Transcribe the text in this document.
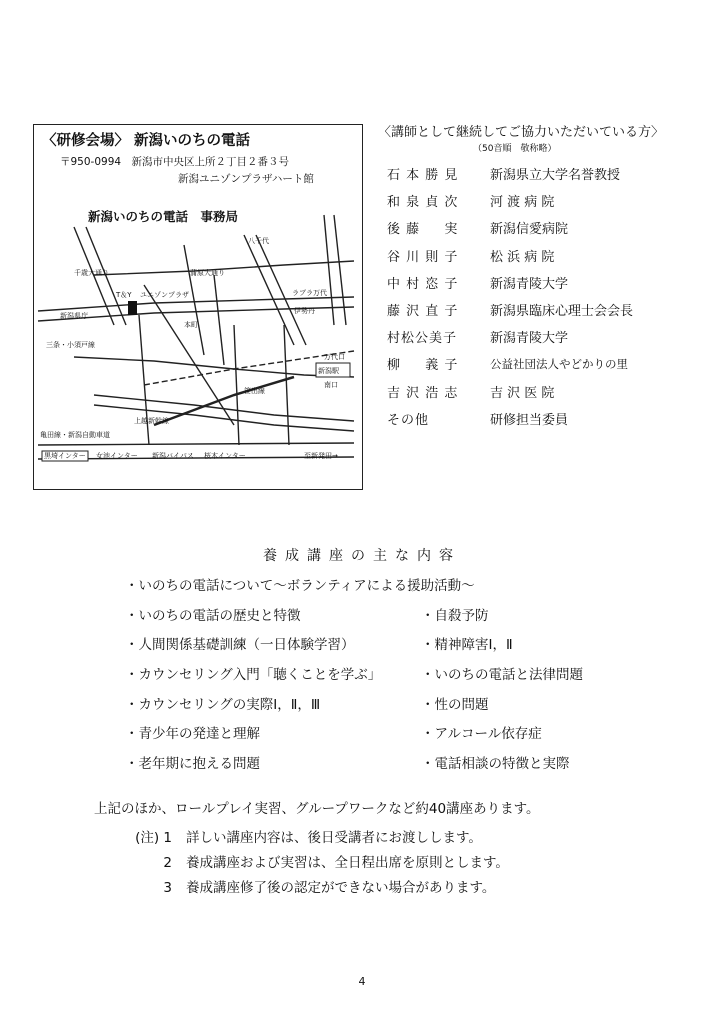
新潟県庁
三条・小須戸線
T＆Y ユニゾンプラザ
蒲原大通り
八千代
ラブラ万代
伊勢丹
本町
万代口
新潟駅
南口
上越新幹線
笹出線
亀田線・新潟自動車道
黒埼インター 女池インター 新潟バイパス 桜木インター	至新発田→
千歳大通り
〈研修会場〉 新潟いのちの電話
〒950-0994　新潟市中央区上所２丁目２番３号
新潟ユニゾンプラザハート館
新潟いのちの電話　事務局
〈講師として継続してご協力いただいている方〉
（50音順　敬称略）
石 本 勝 見	新潟県立大学名誉教授
和 泉 貞 次	河 渡 病 院
後 藤 　 実	新潟信愛病院
谷 川 則 子	松 浜 病 院
中 村 恣 子	新潟青陵大学
藤 沢 直 子	新潟県臨床心理士会会長
村松公美子	新潟青陵大学
柳 　 義 子	公益社団法人やどかりの里
吉 沢 浩 志	吉 沢 医 院
その他	研修担当委員
養成講座の主な内容
・いのちの電話について～ボランティアによる援助活動～
・いのちの電話の歴史と特徴	・自殺予防
・人間関係基礎訓練（一日体験学習）	・精神障害Ⅰ，Ⅱ
・カウンセリング入門「聴くことを学ぶ」	・いのちの電話と法律問題
・カウンセリングの実際Ⅰ，Ⅱ，Ⅲ	・性の問題
・青少年の発達と理解	・アルコール依存症
・老年期に抱える問題	・電話相談の特徴と実際
上記のほか、ロールプレイ実習、グループワークなど約40講座あります。
(注) 1 詳しい講座内容は、後日受講者にお渡しします。
2 養成講座および実習は、全日程出席を原則とします。
3 養成講座修了後の認定ができない場合があります。
4
